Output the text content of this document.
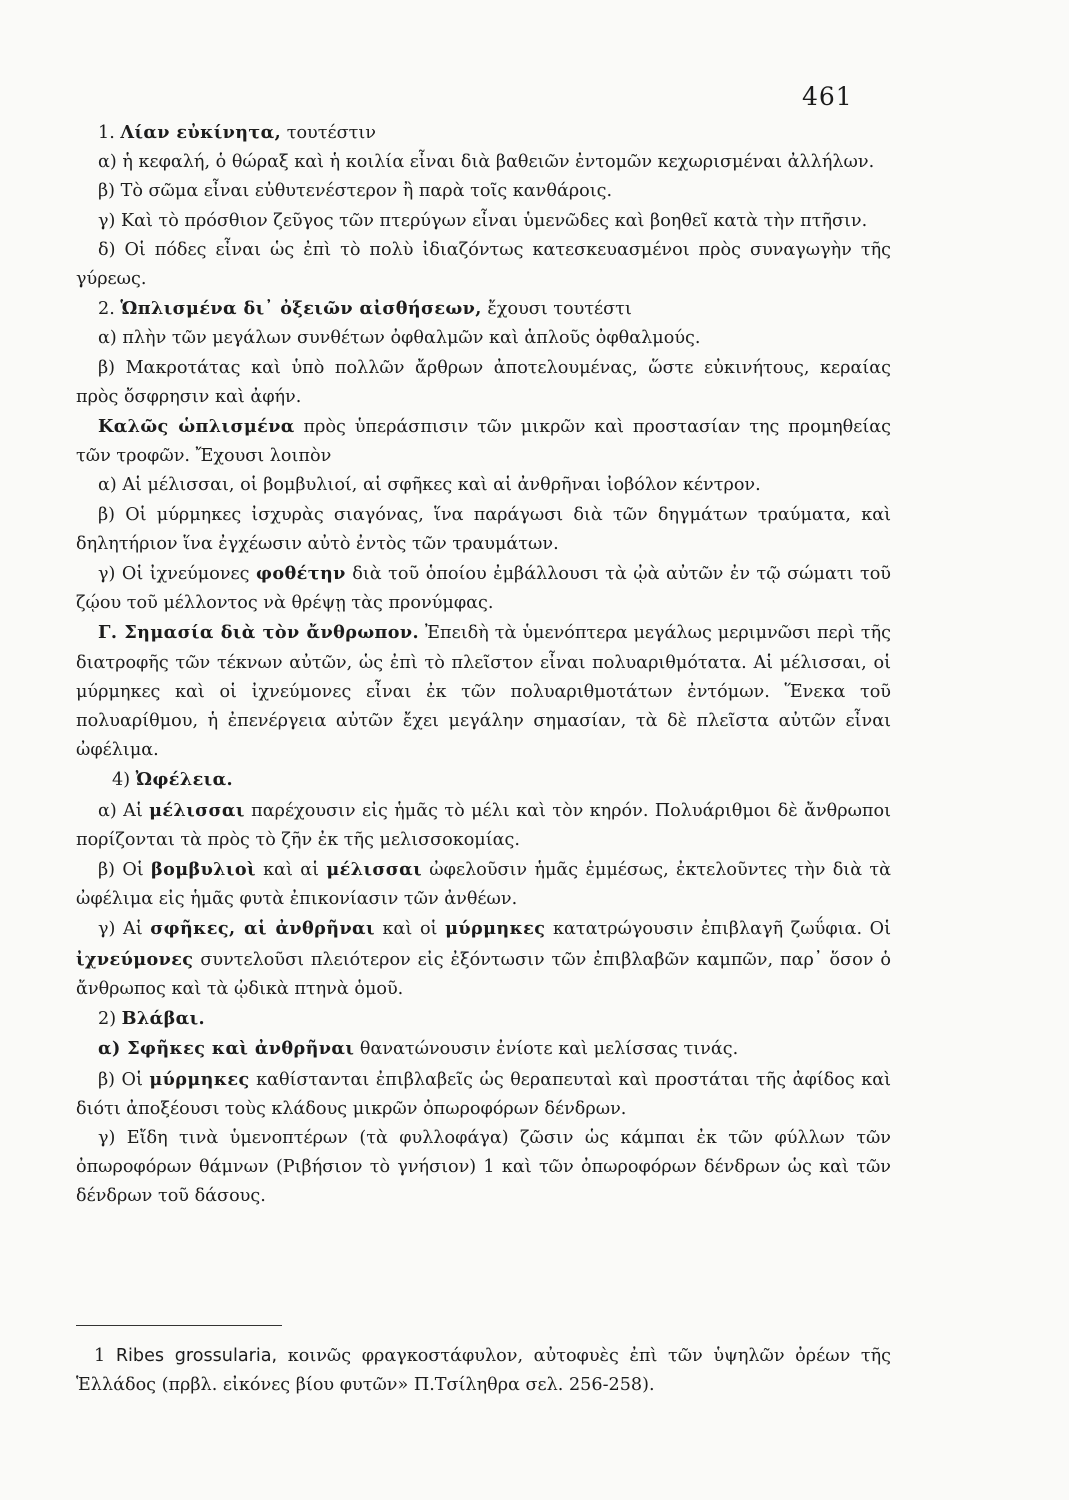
461

1. Λίαν εὐκίνητα, τουτέστιν

α) ἡ κεφαλή, ὁ θώραξ καὶ ἡ κοιλία εἶναι διὰ βαθειῶν ἐντομῶν κεχωρισμέναι ἀλλήλων.

β) Τὸ σῶμα εἶναι εὐθυτενέστερον ἢ παρὰ τοῖς κανθάροις.

γ) Καὶ τὸ πρόσθιον ζεῦγος τῶν πτερύγων εἶναι ὑμενῶδες καὶ βοηθεῖ κατὰ τὴν πτῆσιν.

δ) Οἱ πόδες εἶναι ὡς ἐπὶ τὸ πολὺ ἰδιαζόντως κατεσκευασμένοι πρὸς συναγωγὴν τῆς γύρεως.

2. Ὡπλισμένα δι᾽ ὀξειῶν αἰσθήσεων, ἔχουσι τουτέστι

α) πλὴν τῶν μεγάλων συνθέτων ὀφθαλμῶν καὶ ἁπλοῦς ὀφθαλμούς.

β) Μακροτάτας καὶ ὑπὸ πολλῶν ἄρθρων ἀποτελουμένας, ὥστε εὐκινήτους, κεραίας πρὸς ὄσφρησιν καὶ ἀφήν.

Καλῶς ὡπλισμένα πρὸς ὑπεράσπισιν τῶν μικρῶν καὶ προστασίαν της προμηθείας τῶν τροφῶν. Ἔχουσι λοιπὸν

α) Αἱ μέλισσαι, οἱ βομβυλιοί, αἱ σφῆκες καὶ αἱ ἀνθρῆναι ἰοβόλον κέντρον.

β) Οἱ μύρμηκες ἰσχυρὰς σιαγόνας, ἵνα παράγωσι διὰ τῶν δηγμάτων τραύματα, καὶ δηλητήριον ἵνα ἐγχέωσιν αὐτὸ ἐντὸς τῶν τραυμάτων.

γ) Οἱ ἰχνεύμονες φοθέτην διὰ τοῦ ὁποίου ἐμβάλλουσι τὰ ᾠὰ αὐτῶν ἐν τῷ σώματι τοῦ ζῴου τοῦ μέλλοντος νὰ θρέψῃ τὰς προνύμφας.

Γ. Σημασία διὰ τὸν ἄνθρωπον. Ἐπειδὴ τὰ ὑμενόπτερα μεγάλως μεριμνῶσι περὶ τῆς διατροφῆς τῶν τέκνων αὐτῶν, ὡς ἐπὶ τὸ πλεῖστον εἶναι πολυαριθμότατα. Αἱ μέλισσαι, οἱ μύρμηκες καὶ οἱ ἰχνεύμονες εἶναι ἐκ τῶν πολυαριθμοτάτων ἐντόμων. Ἕνεκα τοῦ πολυαρίθμου, ἡ ἐπενέργεια αὐτῶν ἔχει μεγάλην σημασίαν, τὰ δὲ πλεῖστα αὐτῶν εἶναι ὠφέλιμα.

4) Ὠφέλεια.

α) Αἱ μέλισσαι παρέχουσιν εἰς ἡμᾶς τὸ μέλι καὶ τὸν κηρόν. Πολυάριθμοι δὲ ἄνθρωποι πορίζονται τὰ πρὸς τὸ ζῆν ἐκ τῆς μελισσοκομίας.

β) Οἱ βομβυλιοὶ καὶ αἱ μέλισσαι ὠφελοῦσιν ἡμᾶς ἐμμέσως, ἐκτελοῦντες τὴν διὰ τὰ ὠφέλιμα εἰς ἡμᾶς φυτὰ ἐπικονίασιν τῶν ἀνθέων.

γ) Αἱ σφῆκες, αἱ ἀνθρῆναι καὶ οἱ μύρμηκες κατατρώγουσιν ἐπιβλαγῆ ζωΰφια. Οἱ ἰχνεύμονες συντελοῦσι πλειότερον εἰς ἐξόντωσιν τῶν ἐπιβλαβῶν καμπῶν, παρ᾽ ὅσον ὁ ἄνθρωπος καὶ τὰ ᾠδικὰ πτηνὰ ὁμοῦ.

2) Βλάβαι.

α) Σφῆκες καὶ ἀνθρῆναι θανατώνουσιν ἐνίοτε καὶ μελίσσας τινάς.

β) Οἱ μύρμηκες καθίστανται ἐπιβλαβεῖς ὡς θεραπευταὶ καὶ προστάται τῆς ἀφίδος καὶ διότι ἀποξέουσι τοὺς κλάδους μικρῶν ὀπωροφόρων δένδρων.

γ) Εἴδη τινὰ ὑμενοπτέρων (τὰ φυλλοφάγα) ζῶσιν ὡς κάμπαι ἐκ τῶν φύλλων τῶν ὀπωροφόρων θάμνων (Ριβήσιον τὸ γνήσιον) 1 καὶ τῶν ὀπωροφόρων δένδρων ὡς καὶ τῶν δένδρων τοῦ δάσους.

1 Ribes grossularia, κοινῶς φραγκοστάφυλον, αὐτοφυὲς ἐπὶ τῶν ὑψηλῶν ὀρέων τῆς Ἑλλάδος (πρβλ. εἰκόνες βίου φυτῶν» Π.Τσίληθρα σελ. 256-258).
